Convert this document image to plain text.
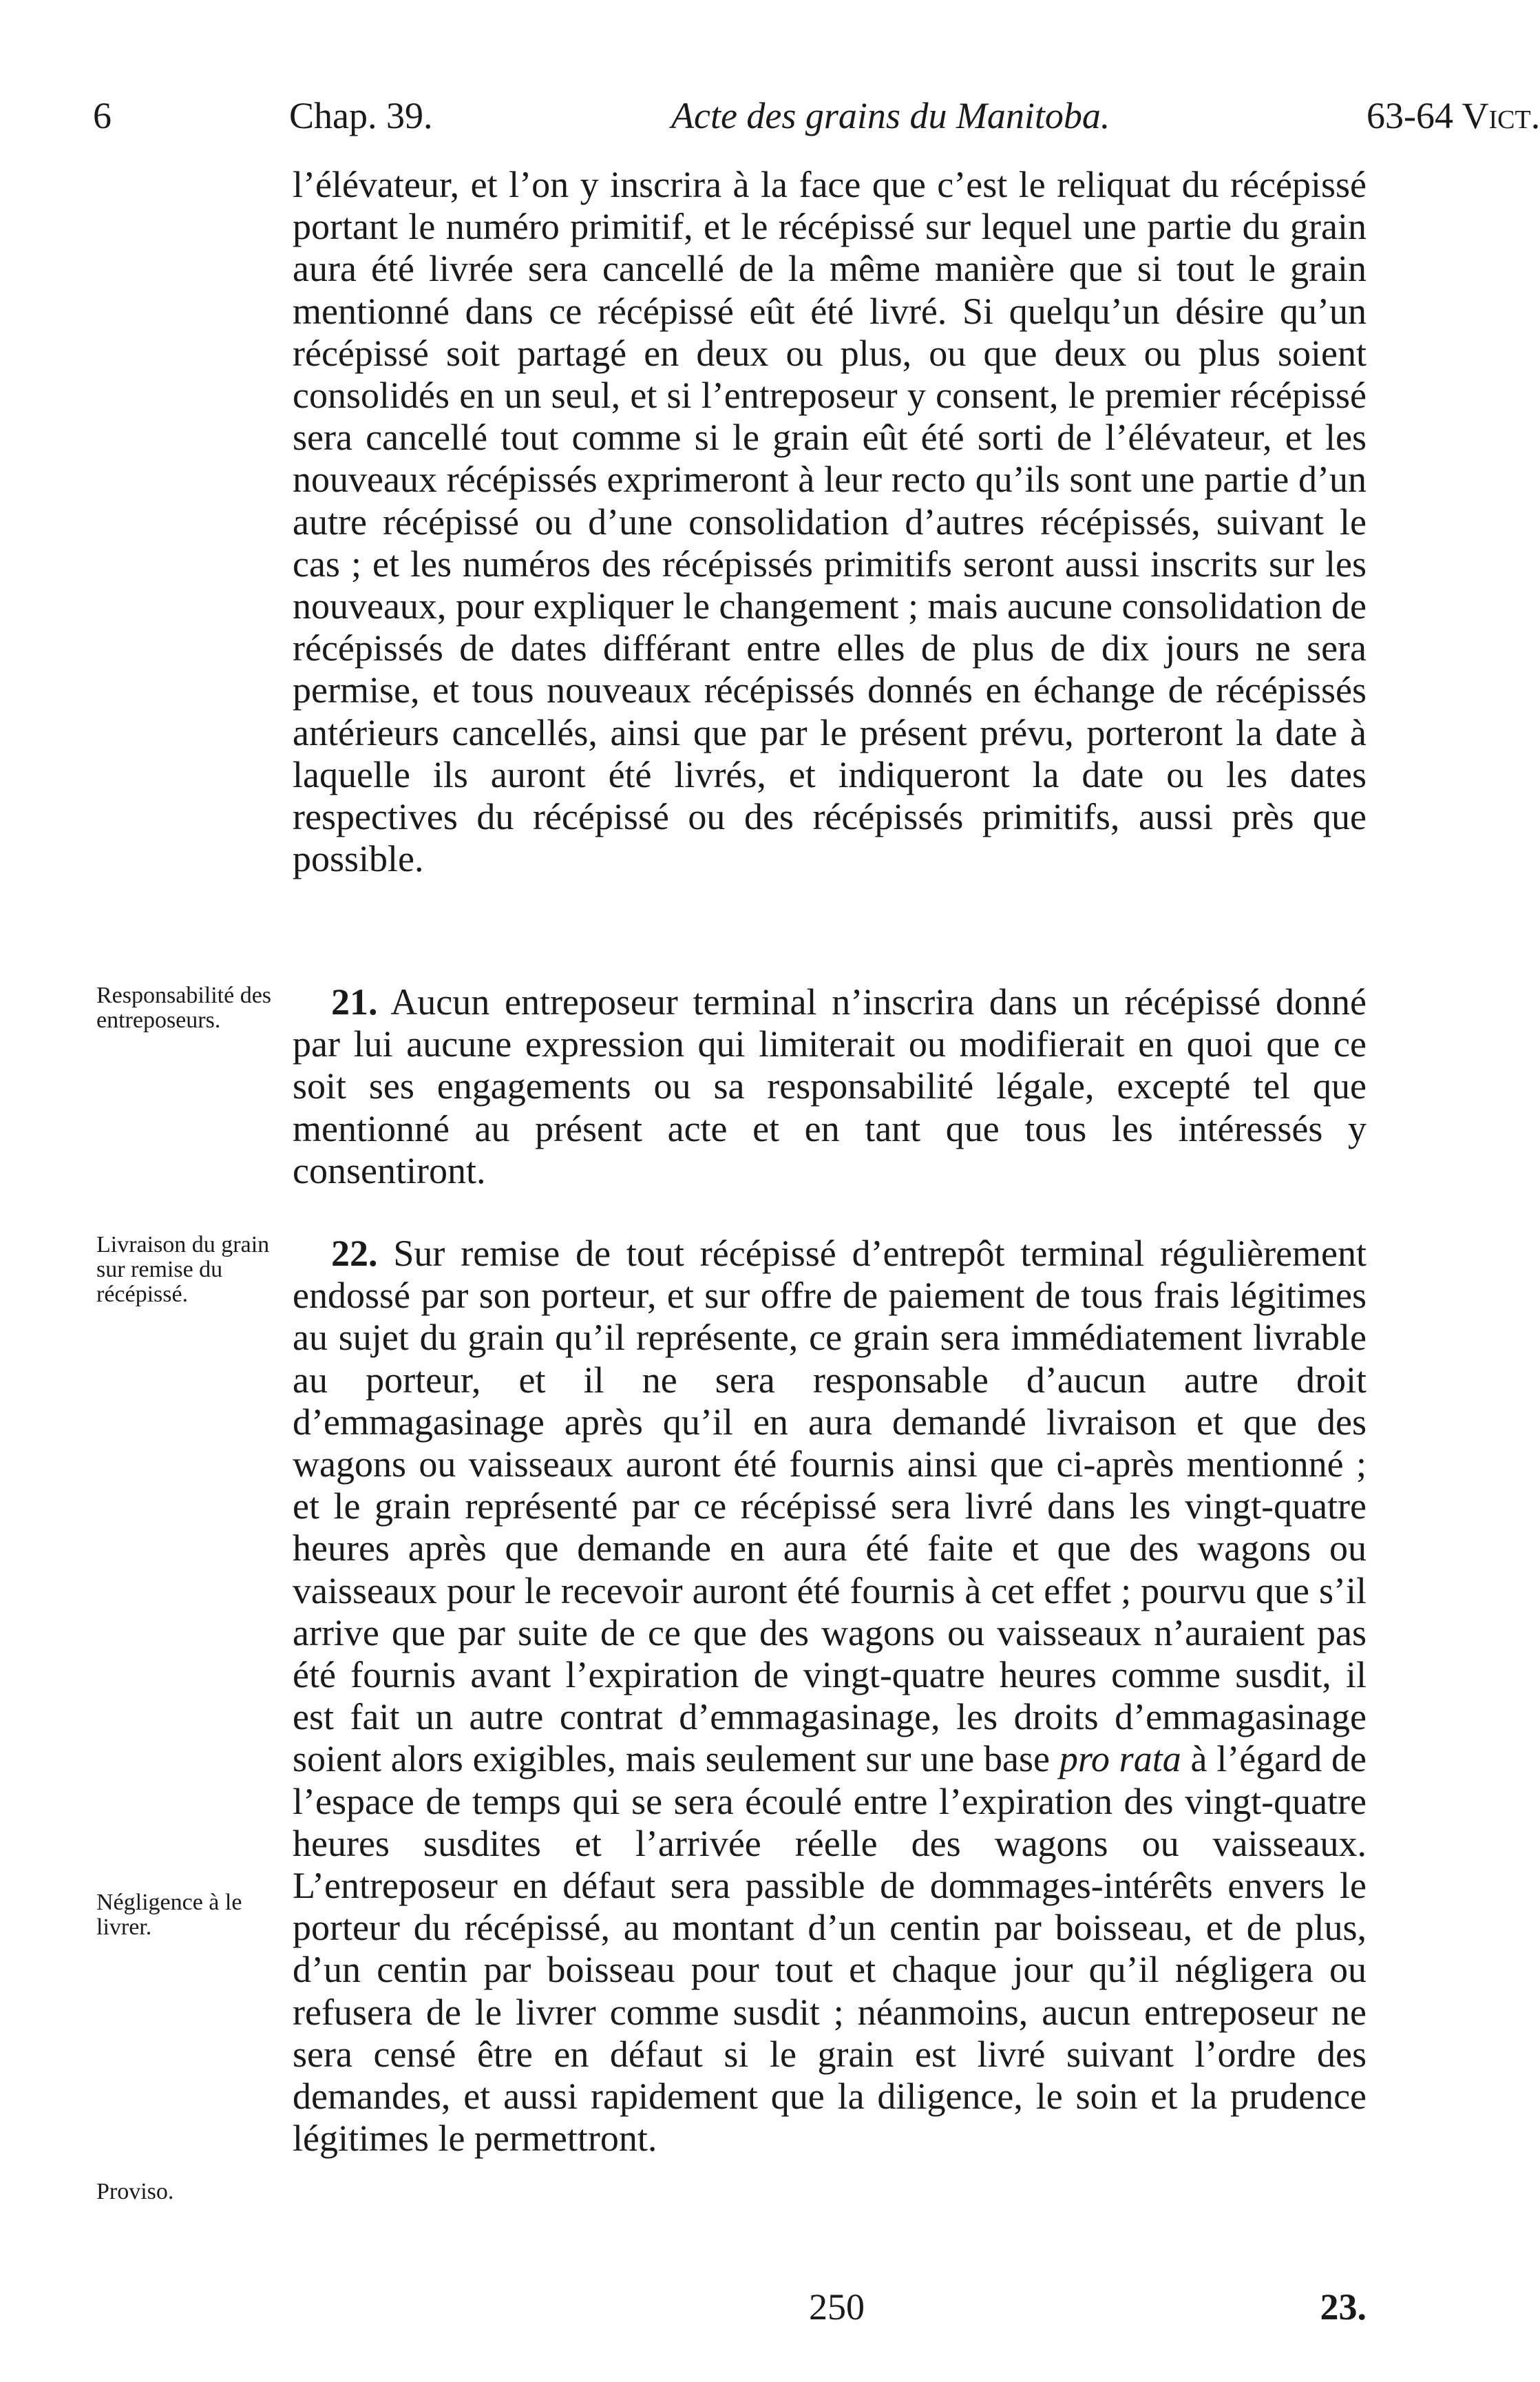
6	Chap. 39.	Acte des grains du Manitoba.	63-64 Vict.

l’élévateur, et l’on y inscrira à la face que c’est le reliquat du récépissé portant le numéro primitif, et le récépissé sur lequel une partie du grain aura été livrée sera cancellé de la même manière que si tout le grain mentionné dans ce récépissé eût été livré. Si quelqu’un désire qu’un récépissé soit partagé en deux ou plus, ou que deux ou plus soient consolidés en un seul, et si l’entreposeur y consent, le premier récépissé sera cancellé tout comme si le grain eût été sorti de l’élévateur, et les nouveaux récépissés exprimeront à leur recto qu’ils sont une partie d’un autre récépissé ou d’une consolidation d’autres récépissés, suivant le cas ; et les numéros des récépissés primitifs seront aussi inscrits sur les nouveaux, pour expliquer le changement ; mais aucune consolidation de récépissés de dates différant entre elles de plus de dix jours ne sera permise, et tous nouveaux récépissés donnés en échange de récépissés antérieurs cancellés, ainsi que par le présent prévu, porteront la date à laquelle ils auront été livrés, et indiqueront la date ou les dates respectives du récépissé ou des récépissés primitifs, aussi près que possible.

Responsabilité des entreposeurs.	21. Aucun entreposeur terminal n’inscrira dans un récépissé donné par lui aucune expression qui limiterait ou modifierait en quoi que ce soit ses engagements ou sa responsabilité légale, excepté tel que mentionné au présent acte et en tant que tous les intéressés y consentiront.

Livraison du grain sur remise du récépissé.

22. Sur remise de tout récépissé d’entrepôt terminal régulièrement endossé par son porteur, et sur offre de paiement de tous frais légitimes au sujet du grain qu’il représente, ce grain sera immédiatement livrable au porteur, et il ne sera responsable d’aucun autre droit d’emmagasinage après qu’il en aura demandé livraison et que des wagons ou vaisseaux auront été fournis ainsi que ci-après mentionné ; et le grain représenté par ce récépissé sera livré dans les vingt-quatre heures après que demande en aura été faite et que des wagons ou vaisseaux pour le recevoir auront été fournis à cet effet ; pourvu que s’il arrive que par suite de ce que des wagons ou vaisseaux n’auraient pas été fournis avant l’expiration de vingt-quatre heures comme susdit, il est fait un autre contrat d’emmagasinage, les droits d’emmagasinage soient alors exigibles, mais seulement sur une base pro rata à l’égard de l’espace de temps qui se sera écoulé entre l’expiration des vingt-quatre heures susdites et l’arrivée réelle des wagons ou vaisseaux. L’entreposeur en défaut sera passible de dommages-intérêts envers le porteur du récépissé, au montant d’un centin par boisseau, et de plus, d’un centin par boisseau pour tout et chaque jour qu’il négligera ou refusera de le livrer comme susdit ; néanmoins, aucun entreposeur ne sera censé être en défaut si le grain est livré suivant l’ordre des demandes, et aussi rapidement que la diligence, le soin et la prudence légitimes le permettront.

Négligence à le livrer.
Proviso.
250	23.
